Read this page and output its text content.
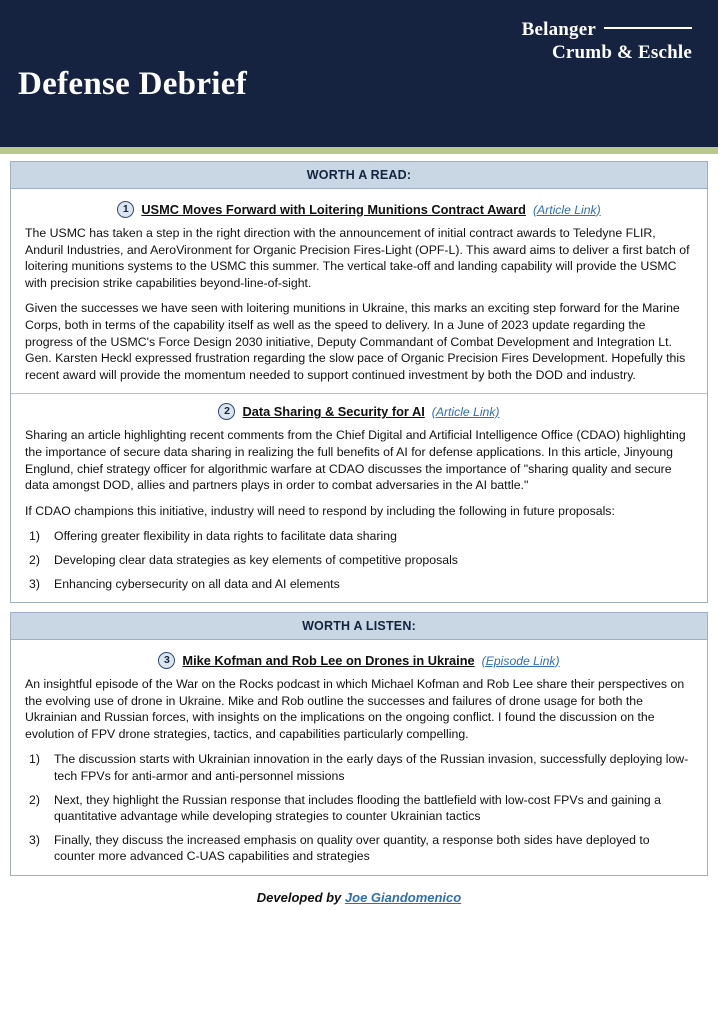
Belanger
Crumb & Eschle
Defense Debrief
WORTH A READ:
1 USMC Moves Forward with Loitering Munitions Contract Award (Article Link)

The USMC has taken a step in the right direction with the announcement of initial contract awards to Teledyne FLIR, Anduril Industries, and AeroVironment for Organic Precision Fires-Light (OPF-L). This award aims to deliver a first batch of loitering munitions systems to the USMC this summer. The vertical take-off and landing capability will provide the USMC with precision strike capabilities beyond-line-of-sight.

Given the successes we have seen with loitering munitions in Ukraine, this marks an exciting step forward for the Marine Corps, both in terms of the capability itself as well as the speed to delivery. In a June of 2023 update regarding the progress of the USMC's Force Design 2030 initiative, Deputy Commandant of Combat Development and Integration Lt. Gen. Karsten Heckl expressed frustration regarding the slow pace of Organic Precision Fires Development. Hopefully this recent award will provide the momentum needed to support continued investment by both the DOD and industry.

2 Data Sharing & Security for AI (Article Link)

Sharing an article highlighting recent comments from the Chief Digital and Artificial Intelligence Office (CDAO) highlighting the importance of secure data sharing in realizing the full benefits of AI for defense applications. In this article, Jinyoung Englund, chief strategy officer for algorithmic warfare at CDAO discusses the importance of "sharing quality and secure data amongst DOD, allies and partners plays in order to combat adversaries in the AI battle."

If CDAO champions this initiative, industry will need to respond by including the following in future proposals:

1)	Offering greater flexibility in data rights to facilitate data sharing
2)	Developing clear data strategies as key elements of competitive proposals
3)	Enhancing cybersecurity on all data and AI elements
WORTH A LISTEN:
3 Mike Kofman and Rob Lee on Drones in Ukraine (Episode Link)

An insightful episode of the War on the Rocks podcast in which Michael Kofman and Rob Lee share their perspectives on the evolving use of drone in Ukraine. Mike and Rob outline the successes and failures of drone usage for both the Ukrainian and Russian forces, with insights on the implications on the ongoing conflict. I found the discussion on the evolution of FPV drone strategies, tactics, and capabilities particularly compelling.

1)	The discussion starts with Ukrainian innovation in the early days of the Russian invasion, successfully deploying low-tech FPVs for anti-armor and anti-personnel missions
2)	Next, they highlight the Russian response that includes flooding the battlefield with low-cost FPVs and gaining a quantitative advantage while developing strategies to counter Ukrainian tactics
3)	Finally, they discuss the increased emphasis on quality over quantity, a response both sides have deployed to counter more advanced C-UAS capabilities and strategies
Developed by Joe Giandomenico
